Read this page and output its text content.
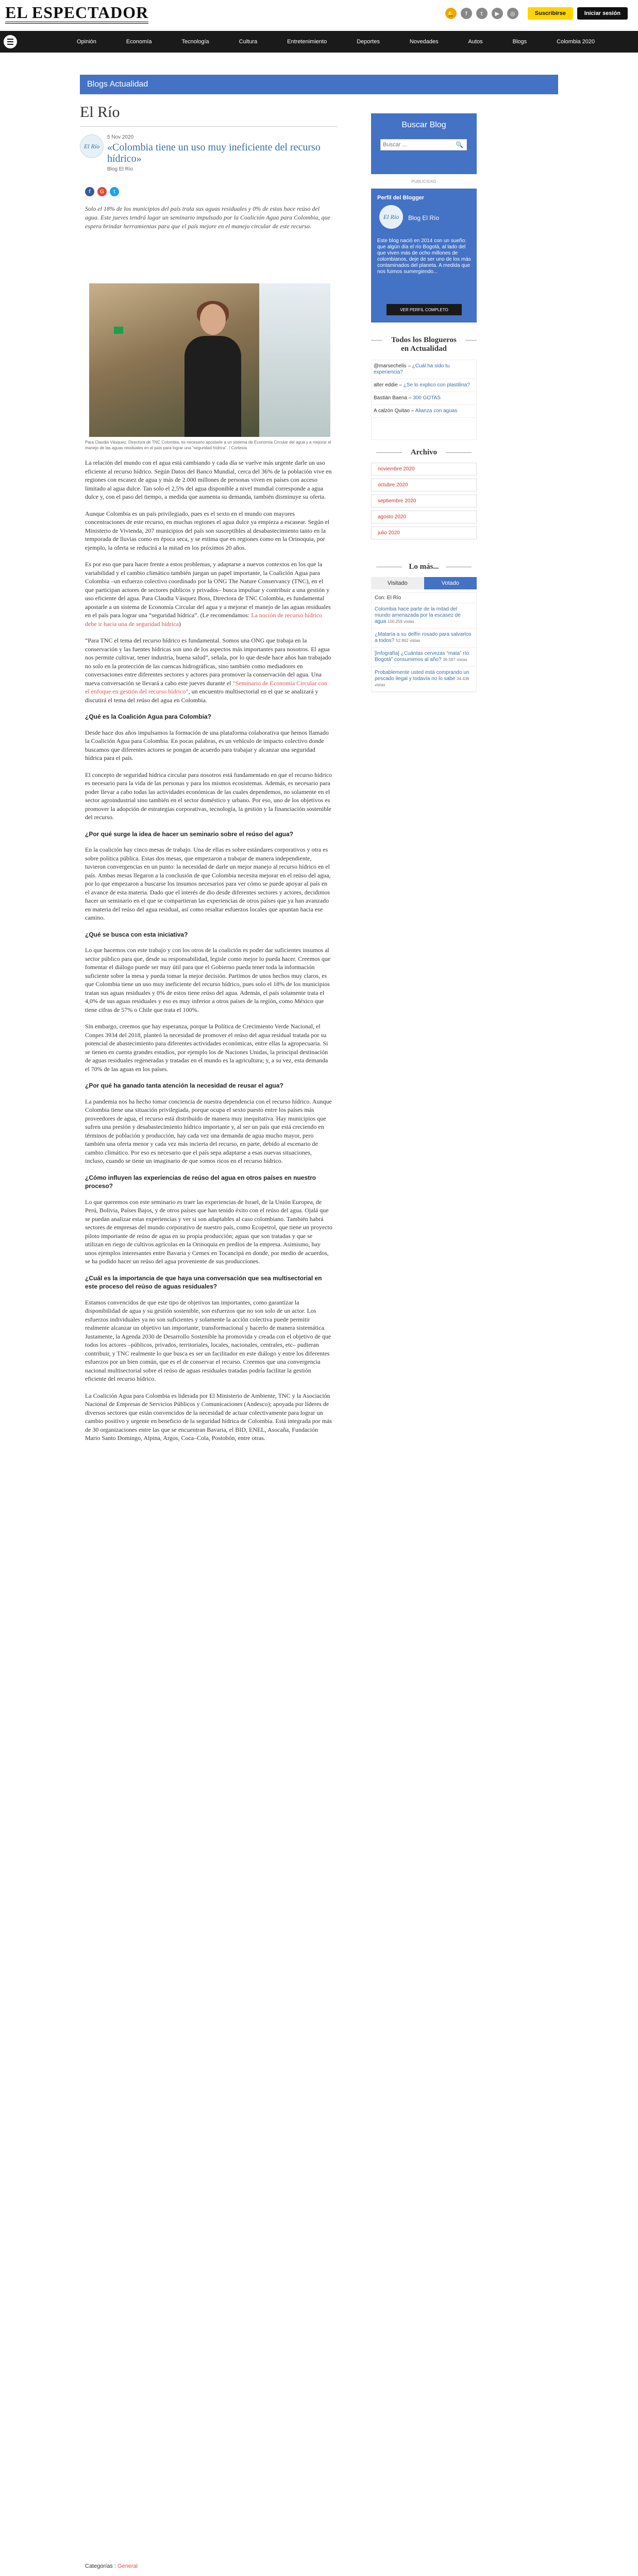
EL ESPECTADOR	🔔	f	t	▶	◎	Suscribirse	Iniciar sesión
Opinión	Economía	Tecnología	Cultura	Entretenimiento	Deportes	Novedades	Autos	Blogs	Colombia 2020
Blogs Actualidad
El Río
El Río
5 Nov 2020
«Colombia tiene un uso muy ineficiente del recurso hídrico»
Blog El Río
f	G	t

Solo el 18% de los municipios del país trata sus aguas residuales y 0% de estas hace reúso del agua. Este jueves tendrá lugar un seminario impulsado por la Coalición Agua para Colombia, que espera brindar herramientas para que el país mejore en el manejo circular de este recurso.

Para Claudia Vásquez, Directora de TNC Colombia, es necesario apostarle a un sistema de Economía Circular del agua y a mejorar el manejo de las aguas residuales en el país para lograr una “seguridad hídrica”. / Cortesía

La relación del mundo con el agua está cambiando y cada día se vuelve más urgente darle un uso eficiente al recurso hídrico. Según Datos del Banco Mundial, cerca del 36% de la población vive en regiones con escasez de agua y más de 2.000 millones de personas viven en países con acceso limitado al agua dulce. Tan solo el 2,5% del agua disponible a nivel mundial corresponde a agua dulce y, con el paso del tiempo, a medida que aumenta su demanda, también disminuye su oferta.

Aunque Colombia es un país privilegiado, pues es el sexto en el mundo con mayores concentraciones de este recurso, en muchas regiones el agua dulce ya empieza a escasear. Según el Ministerio de Vivienda, 207 municipios del país son susceptibles al desabastecimiento tanto en la temporada de lluvias como en época seca, y se estima que en regiones como en la Orinoquia, por ejemplo, la oferta se reducirá a la mitad en los próximos 20 años.

Es por eso que para hacer frente a estos problemas, y adaptarse a nuevos contextos en los que la variabilidad y el cambio climático también juegan un papel importante, la Coalición Agua para Colombia –un esfuerzo colectivo coordinado por la ONG The Nature Conservancy (TNC), en el que participan actores de sectores públicos y privados– busca impulsar y contribuir a una gestión y uso eficiente del agua. Para Claudia Vásquez Boss, Directora de TNC Colombia, es fundamental apostarle a un sistema de Economía Circular del agua y a mejorar el manejo de las aguas residuales en el país para lograr una “seguridad hídrica”. (Le recomendamos: La noción de recurso hídrico debe ir hacia una de seguridad hídrica)

“Para TNC el tema del recurso hídrico es fundamental. Somos una ONG que trabaja en la conservación y las fuentes hídricas son uno de los aspectos más importantes para nosotros. El agua nos permite cultivar, tener industria, buena salud”, señala, por lo que desde hace años han trabajado no solo en la protección de las cuencas hidrográficas, sino también como mediadores en conversaciones entre diferentes sectores y actores para promover la conservación del agua. Una nueva conversación se llevará a cabo este jueves durante el “Seminario de Economía Circular con el enfoque en gestión del recurso hídrico”, un encuentro multisectorial en el que se analizará y discutirá el tema del reúso del agua en Colombia.

¿Qué es la Coalición Agua para Colombia?

Desde hace dos años impulsamos la formación de una plataforma colaborativa que hemos llamado la Coalición Agua para Colombia. En pocas palabras, es un vehículo de impacto colectivo donde buscamos que diferentes actores se pongan de acuerdo para trabajar y alcanzar una seguridad hídrica para el país.

El concepto de seguridad hídrica circular para nosotros está fundamentado en que el recurso hídrico es necesario para la vida de las personas y para los mismos ecosistemas. Además, es necesario para poder llevar a cabo todas las actividades económicas de las cuales dependemos, no solamente en el sector agroindustrial sino también en el sector doméstico y urbano. Por eso, uno de los objetivos es promover la adopción de estrategias corporativas, tecnología, la gestión y la financiación sostenible del recurso.

¿Por qué surge la idea de hacer un seminario sobre el reúso del agua?

En la coalición hay cinco mesas de trabajo. Una de ellas es sobre estándares corporativos y otra es sobre política pública. Estas dos mesas, que empezaron a trabajar de manera independiente, tuvieron convergencias en un punto: la necesidad de darle un mejor manejo al recurso hídrico en el país. Ambas mesas llegaron a la conclusión de que Colombia necesita mejorar en el reúso del agua, por lo que empezaron a buscarse los insumos necesarios para ver cómo se puede apoyar al país en el avance de esta materia. Dado que el interés de dio desde diferentes sectores y actores, decidimos hacer un seminario en el que se compartieran las experiencias de otros países que ya han avanzado en materia del reúso del agua residual, así como resaltar esfuerzos locales que apuntan hacia ese camino.

¿Qué se busca con esta iniciativa?

Lo que hacemos con este trabajo y con los otros de la coalición es poder dar suficientes insumos al sector público para que, desde su responsabilidad, legisle como mejor lo pueda hacer. Creemos que fomentar el diálogo puede ser muy útil para que el Gobierno pueda tener toda la información suficiente sobre la mesa y pueda tomar la mejor decisión. Partimos de unos hechos muy claros, es que Colombia tiene un uso muy ineficiente del recurso hídrico, pues solo el 18% de los municipios tratan sus aguas residuales y 0% de estos tiene reúso del agua. Además, el país solamente trata el 4,0% de sus aguas residuales y eso es muy inferior a otros países de la región, como México que tiene cifras de 57% o Chile que trata el 100%.

Sin embargo, creemos que hay esperanza, porque la Política de Crecimiento Verde Nacional, el Conpes 3934 del 2018, planteó la necesidad de promover el reúso del agua residual tratada por su potencial de abastecimiento para diferentes actividades económicas, entre ellas la agropecuaria. Si se tienen en cuenta grandes estudios, por ejemplo los de Naciones Unidas, la principal destinación de aguas residuales regeneradas y tratadas en el mundo es la agricultura; y, a su vez, esta demanda el 70% de las aguas en los países.

¿Por qué ha ganado tanta atención la necesidad de reusar el agua?

La pandemia nos ha hecho tomar conciencia de nuestra dependencia con el recurso hídrico. Aunque Colombia tiene una situación privilegiada, porque ocupa el sexto puesto entre los países más proveedores de agua, el recurso está distribuido de manera muy inequitativa. Hay municipios que sufren una presión y desabastecimiento hídrico importante y, al ser un país que está creciendo en términos de población y producción, hay cada vez una demanda de agua mucho mayor, pero también una oferta menor y cada vez más incierta del recurso, en parte, debido al escenario de cambio climático. Por eso es necesario que el país sepa adaptarse a esas nuevas situaciones, incluso, cuando se tiene un imaginario de que somos ricos en el recurso hídrico.

¿Cómo influyen las experiencias de reúso del agua en otros países en nuestro proceso?

Lo que queremos con este seminario es traer las experiencias de Israel, de la Unión Europea, de Perú, Bolivia, Países Bajos, y de otros países que han tenido éxito con el reúso del agua. Ojalá que se puedan analizar estas experiencias y ver si son adaptables al caso colombiano. También habrá sectores de empresas del mundo corporativo de nuestro país, como Ecopetrol, que tiene un proyecto piloto importante de reúso de agua en su propia producción; aguas que son tratadas y que se utilizan en riego de cultivos agrícolas en la Orinoquia en predios de la empresa. Asimismo, hay unos ejemplos interesantes entre Bavaria y Cemex en Tocancipá en donde, por medio de acuerdos, se ha podido hacer un reúso del agua proveniente de sus producciones.

¿Cuál es la importancia de que haya una conversación que sea multisectorial en este proceso del reúso de aguas residuales?

Estamos convencidos de que este tipo de objetivos tan importantes, como garantizar la disponibilidad de agua y su gestión sostenible, son esfuerzos que no son solo de un actor. Los esfuerzos individuales ya no son suficientes y solamente la acción colectiva puede permitir realmente alcanzar un objetivo tan importante, transformacional y hacerlo de manera sistemática. Justamente, la Agenda 2030 de Desarrollo Sostenible ha promovida y creada con el objetivo de que todos los actores –públicos, privados, territoriales, locales, nacionales, centrales, etc– pudieran contribuir, y TNC realmente lo que busca es ser un facilitador en este diálogo y entre los diferentes esfuerzos por un bien común, que es el de conservar el recurso. Creemos que una convergencia nacional multisectorial sobre el reúso de aguas residuales tratadas podría facilitar la gestión eficiente del recurso hídrico.

La Coalición Agua para Colombia es liderada por El Ministerio de Ambiente, TNC y la Asociación Nacional de Empresas de Servicios Públicos y Comunicaciones (Andesco); apoyada por líderes de diversos sectores que están convencidos de la necesidad de actuar colectivamente para lograr un cambio positivo y urgente en beneficio de la seguridad hídrica de Colombia. Está integrada por más de 30 organizaciones entre las que se encuentran Bavaria, el BID, ENEL, Asocaña, Fundación Mario Santo Domingo, Alpina, Argos, Coca–Cola, Postobón, entre otras.

Categorías : General
Buscar Blog
Buscar ...	🔍
PUBLICIDAD
Perfil del Blogger
El Río	Blog El Río
Este blog nació en 2014 con un sueño: que algún día el río Bogotá, al lado del que viven más de ocho millones de colombianos, deje de ser uno de los más contaminados del planeta. A medida que nos fuimos sumergiendo...
VER PERFIL COMPLETO
Todos los Blogueros en Actualidad
@marsechelis – ¿Cuál ha sido tu experiencia?
alter eddie – ¿Se lo explico con plastilina?
Bastián Baena – 300 GOTAS
A calzón Quitao – Alianza con aguas
Archivo
noviembre 2020
octubre 2020
septiembre 2020
agosto 2020
julio 2020
Lo más...
Visitado	Votado
Con: El Río
Colombia hace parte de la mitad del mundo amenazada por la escasez de agua 100.259 vistas
¿Mataría a su delfín rosado para salvarlos a todos? 52.862 vistas
[Infografía] ¿Cuántas cervezas “mata” río Bogotá” consumimos al año? 36.587 vistas
Probablemente usted está comprando un pescado ilegal y todavía no lo sabe 34.436 vistas
